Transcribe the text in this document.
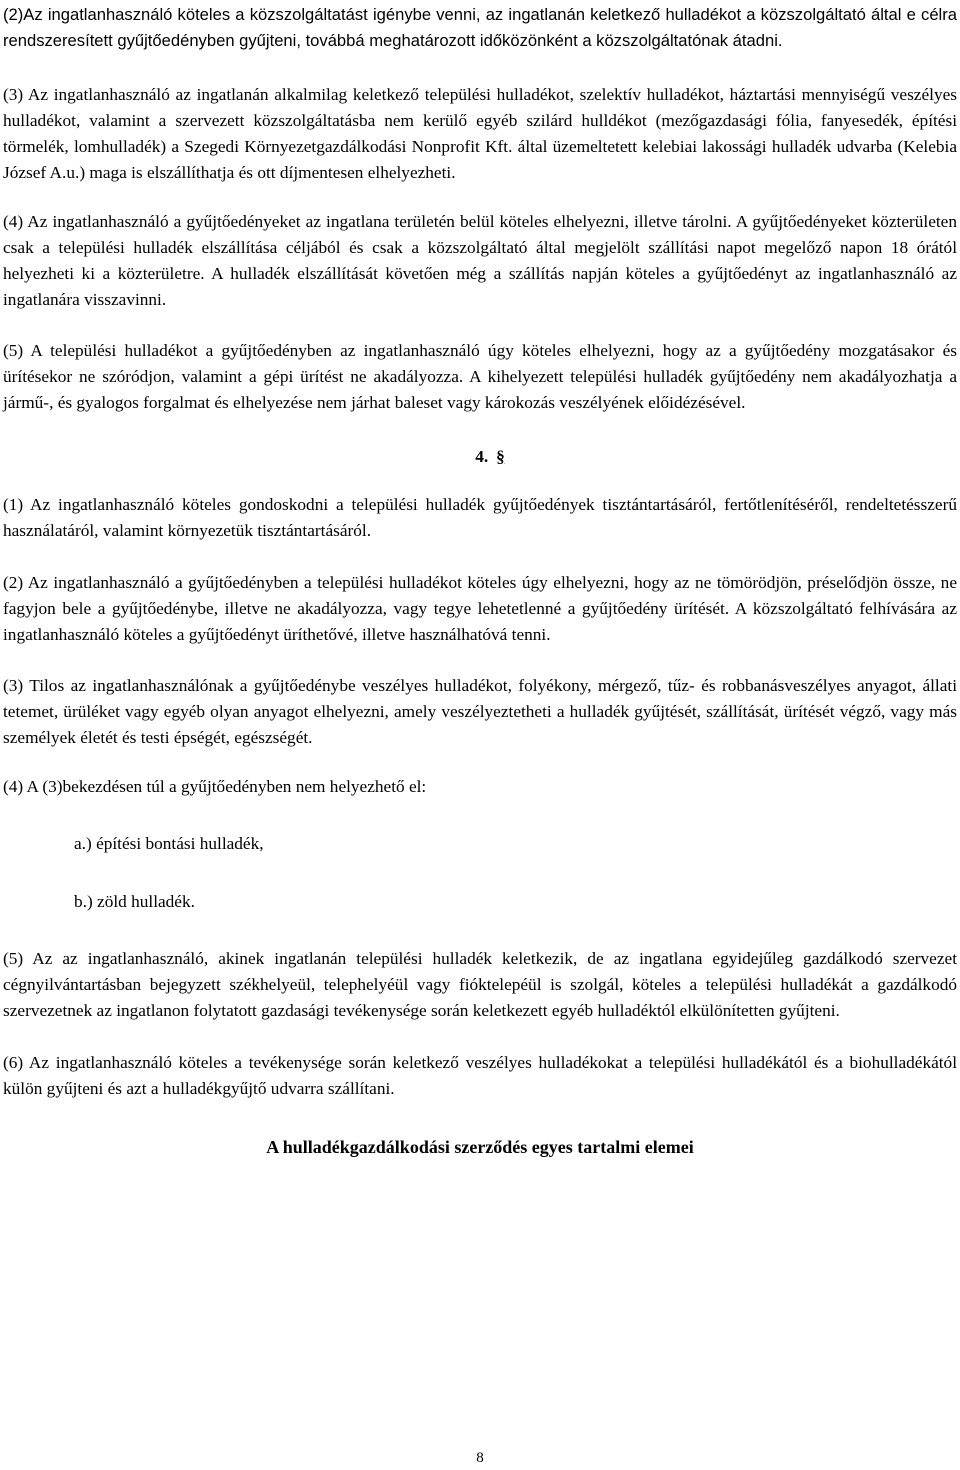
(2)Az ingatlanhasználó köteles a közszolgáltatást igénybe venni, az ingatlanán keletkező hulladékot a közszolgáltató által e célra rendszeresített gyűjtőedényben gyűjteni, továbbá meghatározott időközönként a közszolgáltatónak átadni.

(3) Az ingatlanhasználó az ingatlanán alkalmilag keletkező települési hulladékot, szelektív hulladékot, háztartási mennyiségű veszélyes hulladékot, valamint a szervezett közszolgáltatásba nem kerülő egyéb szilárd hulldékot (mezőgazdasági fólia, fanyesedék, építési törmelék, lomhulladék) a Szegedi Környezetgazdálkodási Nonprofit Kft. által üzemeltetett kelebiai lakossági hulladék udvarba (Kelebia József A.u.) maga is elszállíthatja és ott díjmentesen elhelyezheti.

(4) Az ingatlanhasználó a gyűjtőedényeket az ingatlana területén belül köteles elhelyezni, illetve tárolni. A gyűjtőedényeket közterületen csak a települési hulladék elszállítása céljából és csak a közszolgáltató által megjelölt szállítási napot megelőző napon 18 órától helyezheti ki a közterületre. A hulladék elszállítását követően még a szállítás napján köteles a gyűjtőedényt az ingatlanhasználó az ingatlanára visszavinni.

(5) A települési hulladékot a gyűjtőedényben az ingatlanhasználó úgy köteles elhelyezni, hogy az a gyűjtőedény mozgatásakor és ürítésekor ne szóródjon, valamint a gépi ürítést ne akadályozza. A kihelyezett települési hulladék gyűjtőedény nem akadályozhatja a jármű-, és gyalogos forgalmat és elhelyezése nem járhat baleset vagy károkozás veszélyének előidézésével.

4. §

(1) Az ingatlanhasználó köteles gondoskodni a települési hulladék gyűjtőedények tisztántartásáról, fertőtlenítéséről, rendeltetésszerű használatáról, valamint környezetük tisztántartásáról.

(2) Az ingatlanhasználó a gyűjtőedényben a települési hulladékot köteles úgy elhelyezni, hogy az ne tömörödjön, préselődjön össze, ne fagyjon bele a gyűjtőedénybe, illetve ne akadályozza, vagy tegye lehetetlenné a gyűjtőedény ürítését. A közszolgáltató felhívására az ingatlanhasználó köteles a gyűjtőedényt üríthetővé, illetve használhatóvá tenni.

(3) Tilos az ingatlanhasználónak a gyűjtőedénybe veszélyes hulladékot, folyékony, mérgező, tűz- és robbanásveszélyes anyagot, állati tetemet, ürüléket vagy egyéb olyan anyagot elhelyezni, amely veszélyeztetheti a hulladék gyűjtését, szállítását, ürítését végző, vagy más személyek életét és testi épségét, egészségét.

(4) A (3)bekezdésen túl a gyűjtőedényben nem helyezhető el:

a.) építési bontási hulladék,
b.) zöld hulladék.

(5) Az az ingatlanhasználó, akinek ingatlanán települési hulladék keletkezik, de az ingatlana egyidejűleg gazdálkodó szervezet cégnyilvántartásban bejegyzett székhelyeül, telephelyéül vagy fióktelepéül is szolgál, köteles a települési hulladékát a gazdálkodó szervezetnek az ingatlanon folytatott gazdasági tevékenysége során keletkezett egyéb hulladéktól elkülönítetten gyűjteni.

(6) Az ingatlanhasználó köteles a tevékenysége során keletkező veszélyes hulladékokat a települési hulladékától és a biohulladékától külön gyűjteni és azt a hulladékgyűjtő udvarra szállítani.

A hulladékgazdálkodási szerződés egyes tartalmi elemei

8
